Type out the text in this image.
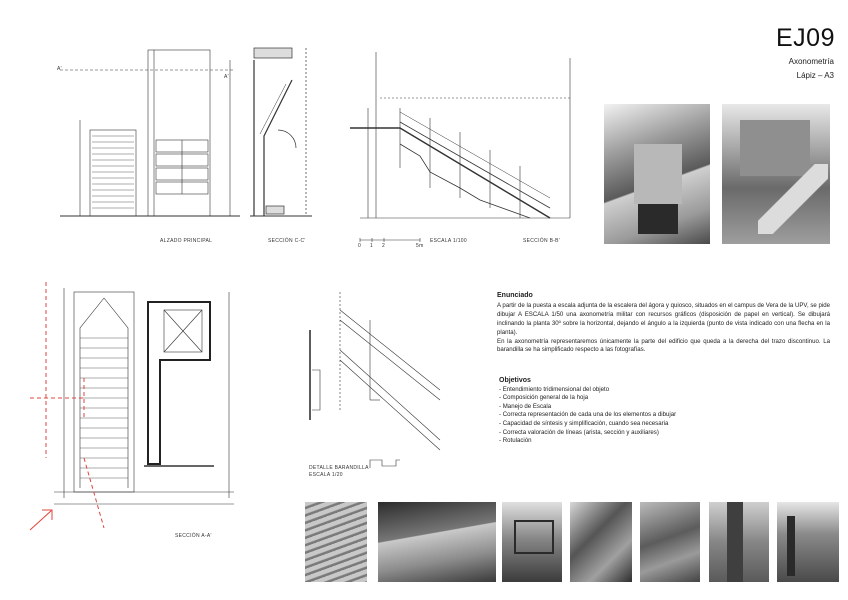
EJ09
Axonometría
Lápiz – A3
A'
A'
ALZADO PRINCIPAL	SECCIÓN C-C'
0 1 2	5m
ESCALA 1/100	SECCIÓN B-B'
SECCIÓN A-A'
DETALLE BARANDILLA
ESCALA 1/20
Enunciado

A partir de la puesta a escala adjunta de la escalera del ágora y quiosco, situados en el campus de Vera de la UPV, se pide dibujar A ESCALA 1/50 una axonometría militar con recursos gráficos (disposición de papel en vertical). Se dibujará inclinando la planta 30º sobre la horizontal, dejando el ángulo a la izquierda (punto de vista indicado con una flecha en la planta).

En la axonometría representaremos únicamente la parte del edificio que queda a la derecha del trazo discontinuo. La barandilla se ha simplificado respecto a las fotografías.

Objetivos
- Entendimiento tridimensional del objeto
- Composición general de la hoja
- Manejo de Escala
- Correcta representación de cada una de los elementos a dibujar
- Capacidad de síntesis y simplificación, cuando sea necesaria
- Correcta valoración de líneas (arista, sección y auxiliares)
- Rotulación
